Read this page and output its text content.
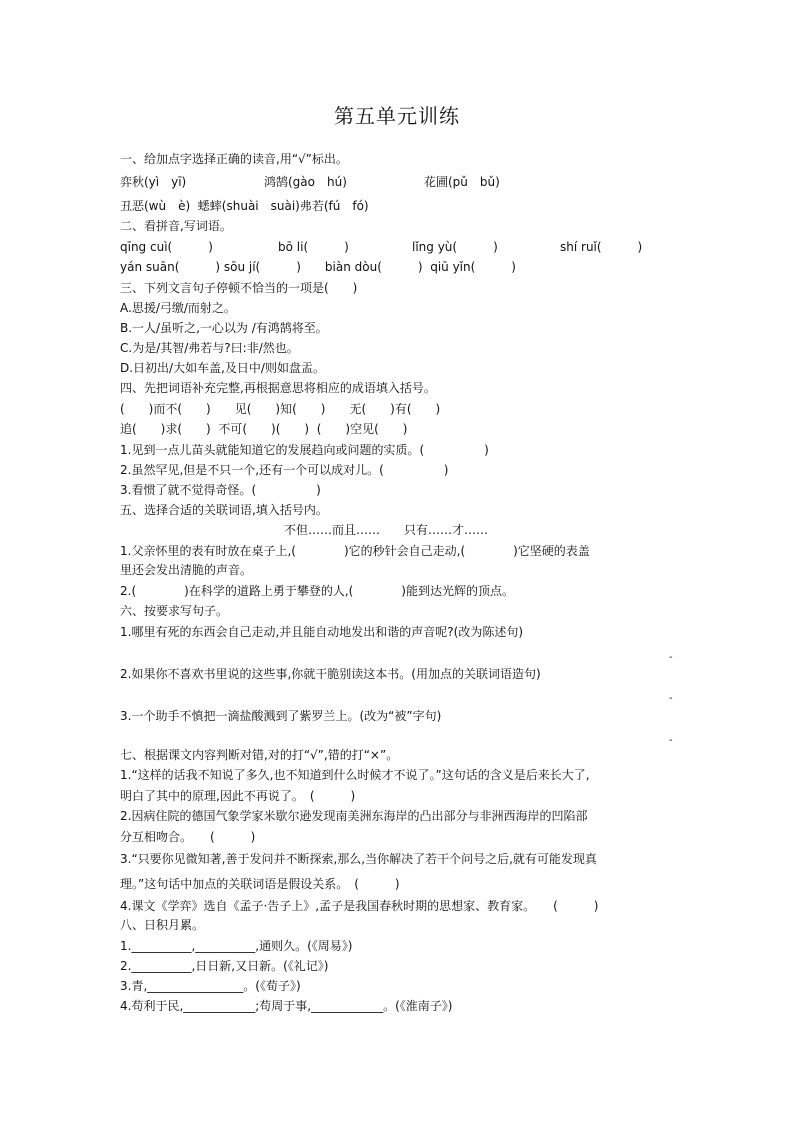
第五单元训练
一、给加点字选择正确的读音,用“√”标出。
弈秋(yì　yī)	鸿鹄(gào　hú)	花圃(pǔ　bǔ)
丑恶(wù　è)  蟋蟀(shuài　suài)弗若(fú　fó)
二、看拼音,写词语。
qīng cuì(　　　)	bō li(　　　)	lǐng yù(　　　)	shí ruǐ(　　　)
yán suān(　　　) sōu jí(　　　)　　biàn dòu(　　　)  qiū yǐn(　　　)
三、下列文言句子停顿不恰当的一项是(　　)
A.思援/弓缴/而射之。
B.一人/虽听之,一心以为 /有鸿鹄将至。
C.为是/其智/弗若与?曰:非/然也。
D.日初出/大如车盖,及日中/则如盘盂。
四、先把词语补充完整,再根据意思将相应的成语填入括号。
(　　)而不(　　)　　见(　　)知(　　)　　无(　　)有(　　)
追(　　)求(　　)  不可(　　)(　　)  (　　)空见(　　)
1.见到一点儿苗头就能知道它的发展趋向或问题的实质。(　　　　　)
2.虽然罕见,但是不只一个,还有一个可以成对儿。(　　　　　)
3.看惯了就不觉得奇怪。(　　　　　)
五、选择合适的关联词语,填入括号内。
不但……而且……　　只有……才……
1.父亲怀里的表有时放在桌子上,(　　　　)它的秒针会自己走动,(　　　　)它坚硬的表盖
里还会发出清脆的声音。
2.(　　　　)在科学的道路上勇于攀登的人,(　　　　)能到达光辉的顶点。
六、按要求写句子。
1.哪里有死的东西会自己走动,并且能自动地发出和谐的声音呢?(改为陈述句)
-
2.如果你不喜欢书里说的这些事,你就干脆别读这本书。(用加点的关联词语造句)
-
3.一个助手不慎把一滴盐酸溅到了紫罗兰上。(改为“被”字句)
-
七、根据课文内容判断对错,对的打“√”,错的打“×”。
1.“这样的话我不知说了多久,也不知道到什么时候才不说了。”这句话的含义是后来长大了,
明白了其中的原理,因此不再说了。　(　　　)
2.因病住院的德国气象学家米歇尔逊发现南美洲东海岸的凸出部分与非洲西海岸的凹陷部
分互相吻合。　　(　　　)
3.“只要你见微知著,善于发问并不断探索,那么,当你解决了若干个问号之后,就有可能发现真
理。”这句话中加点的关联词语是假设关系。　(　　　)
4.课文《学弈》选自《孟子·告子上》,孟子是我国春秋时期的思想家、教育家。　　(　　　)
八、日积月累。
1.__________,__________,通则久。(《周易》)
2.__________,日日新,又日新。(《礼记》)
3.青,________________。(《荀子》)
4.苟利于民,____________;苟周于事,____________。(《淮南子》)
